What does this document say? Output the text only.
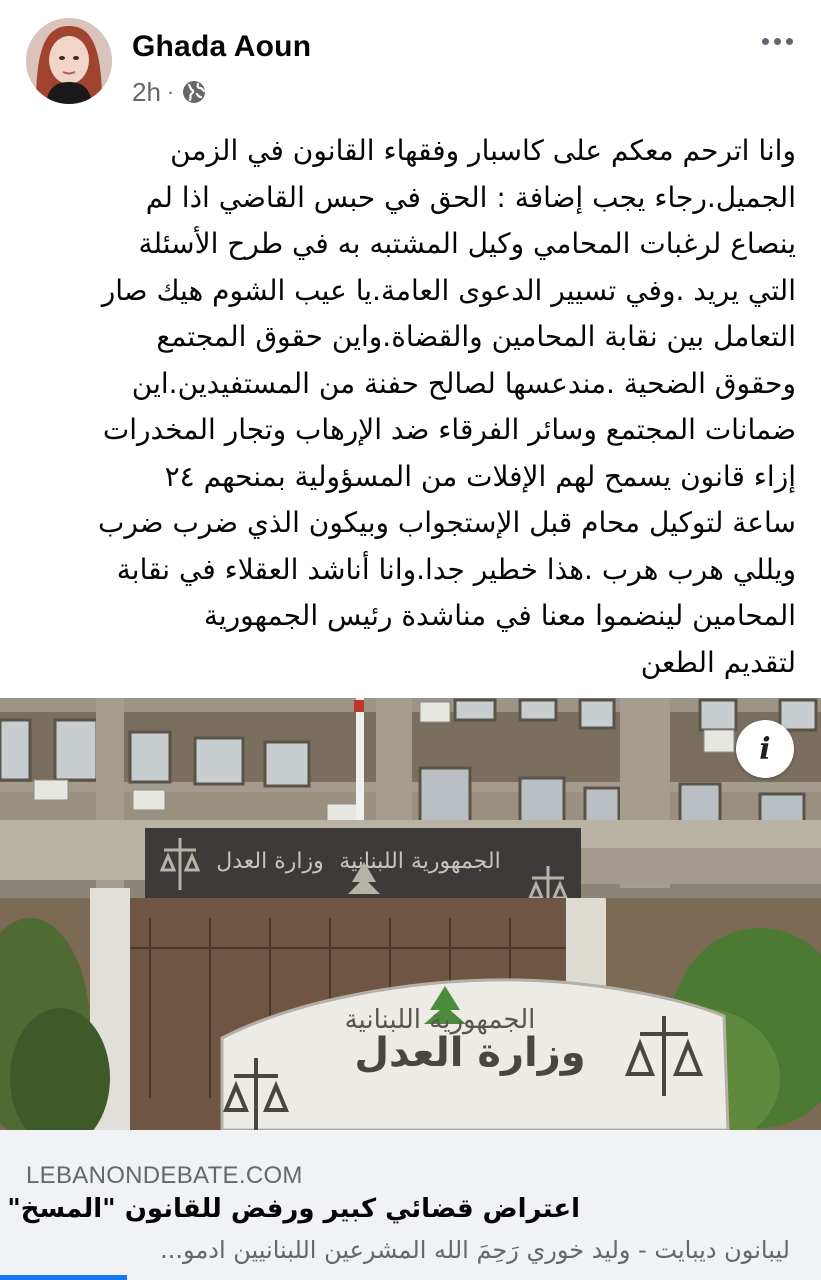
Ghada Aoun
2h ·
وانا اترحم معكم على كاسبار وفقهاء القانون في الزمن
الجميل.رجاء يجب إضافة : الحق في حبس القاضي اذا لم
ينصاع لرغبات المحامي وكيل المشتبه به في طرح الأسئلة
التي يريد .وفي تسيير الدعوى العامة.يا عيب الشوم هيك صار
التعامل بين نقابة المحامين والقضاة.واين حقوق المجتمع
وحقوق الضحية .مندعسها لصالح حفنة من المستفيدين.اين
ضمانات المجتمع وسائر الفرقاء ضد الإرهاب وتجار المخدرات
إزاء قانون يسمح لهم الإفلات من المسؤولية بمنحهم ٢٤
ساعة لتوكيل محام قبل الإستجواب وبيكون الذي ضرب ضرب
ويللي هرب هرب .هذا خطير جدا.وانا أناشد العقلاء في نقابة
المحامين لينضموا معنا في مناشدة رئيس الجمهورية
لتقديم الطعن
الجمهورية اللبنانية
وزارة العدل
وزارة العدل
الجمهورية اللبنانية
i
LEBANONDEBATE.COM
اعتراض قضائي كبير ورفض للقانون "المسخ"
ليبانون ديبايت - وليد خوري رَحِمَ الله المشرعين اللبنانيين ادمو...
